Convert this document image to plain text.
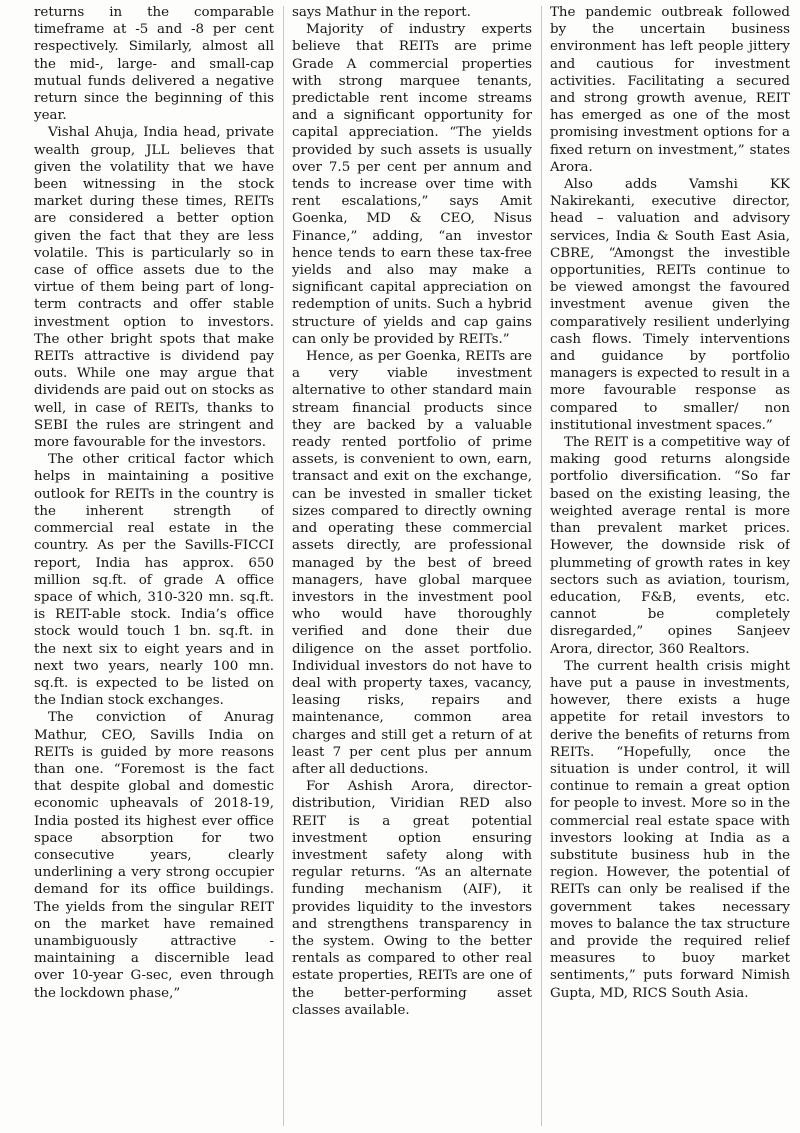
returns in the comparable timeframe at -5 and -8 per cent respectively. Similarly, almost all the mid-, large- and small-cap mutual funds delivered a negative return since the beginning of this year.

Vishal Ahuja, India head, private wealth group, JLL believes that given the volatility that we have been witnessing in the stock market during these times, REITs are considered a better option given the fact that they are less volatile. This is particularly so in case of office assets due to the virtue of them being part of long-term contracts and offer stable investment option to investors. The other bright spots that make REITs attractive is dividend pay outs. While one may argue that dividends are paid out on stocks as well, in case of REITs, thanks to SEBI the rules are stringent and more favourable for the investors.

The other critical factor which helps in maintaining a positive outlook for REITs in the country is the inherent strength of commercial real estate in the country. As per the Savills-FICCI report, India has approx. 650 million sq.ft. of grade A office space of which, 310-320 mn. sq.ft. is REIT-able stock. India’s office stock would touch 1 bn. sq.ft. in the next six to eight years and in next two years, nearly 100 mn. sq.ft. is expected to be listed on the Indian stock exchanges.

The conviction of Anurag Mathur, CEO, Savills India on REITs is guided by more reasons than one. “Foremost is the fact that despite global and domestic economic upheavals of 2018-19, India posted its highest ever office space absorption for two consecutive years, clearly underlining a very strong occupier demand for its office buildings. The yields from the singular REIT on the market have remained unambiguously attractive - maintaining a discernible lead over 10-year G-sec, even through the lockdown phase,”

says Mathur in the report.

Majority of industry experts believe that REITs are prime Grade A commercial properties with strong marquee tenants, predictable rent income streams and a significant opportunity for capital appreciation. “The yields provided by such assets is usually over 7.5 per cent per annum and tends to increase over time with rent escalations,” says Amit Goenka, MD & CEO, Nisus Finance,” adding, “an investor hence tends to earn these tax-free yields and also may make a significant capital appreciation on redemption of units. Such a hybrid structure of yields and cap gains can only be provided by REITs.”

Hence, as per Goenka, REITs are a very viable investment alternative to other standard main stream financial products since they are backed by a valuable ready rented portfolio of prime assets, is convenient to own, earn, transact and exit on the exchange, can be invested in smaller ticket sizes compared to directly owning and operating these commercial assets directly, are professional managed by the best of breed managers, have global marquee investors in the investment pool who would have thoroughly verified and done their due diligence on the asset portfolio. Individual investors do not have to deal with property taxes, vacancy, leasing risks, repairs and maintenance, common area charges and still get a return of at least 7 per cent plus per annum after all deductions.

For Ashish Arora, director-distribution, Viridian RED also REIT is a great potential investment option ensuring investment safety along with regular returns. “As an alternate funding mechanism (AIF), it provides liquidity to the investors and strengthens transparency in the system. Owing to the better rentals as compared to other real estate properties, REITs are one of the better-performing asset classes available.

The pandemic outbreak followed by the uncertain business environment has left people jittery and cautious for investment activities. Facilitating a secured and strong growth avenue, REIT has emerged as one of the most promising investment options for a fixed return on investment,” states Arora.

Also adds Vamshi KK Nakirekanti, executive director, head – valuation and advisory services, India & South East Asia, CBRE, “Amongst the investible opportunities, REITs continue to be viewed amongst the favoured investment avenue given the comparatively resilient underlying cash flows. Timely interventions and guidance by portfolio managers is expected to result in a more favourable response as compared to smaller/ non institutional investment spaces.”

The REIT is a competitive way of making good returns alongside portfolio diversification. “So far based on the existing leasing, the weighted average rental is more than prevalent market prices. However, the downside risk of plummeting of growth rates in key sectors such as aviation, tourism, education, F&B, events, etc. cannot be completely disregarded,” opines Sanjeev Arora, director, 360 Realtors.

The current health crisis might have put a pause in investments, however, there exists a huge appetite for retail investors to derive the benefits of returns from REITs. “Hopefully, once the situation is under control, it will continue to remain a great option for people to invest. More so in the commercial real estate space with investors looking at India as a substitute business hub in the region. However, the potential of REITs can only be realised if the government takes necessary moves to balance the tax structure and provide the required relief measures to buoy market sentiments,” puts forward Nimish Gupta, MD, RICS South Asia.
